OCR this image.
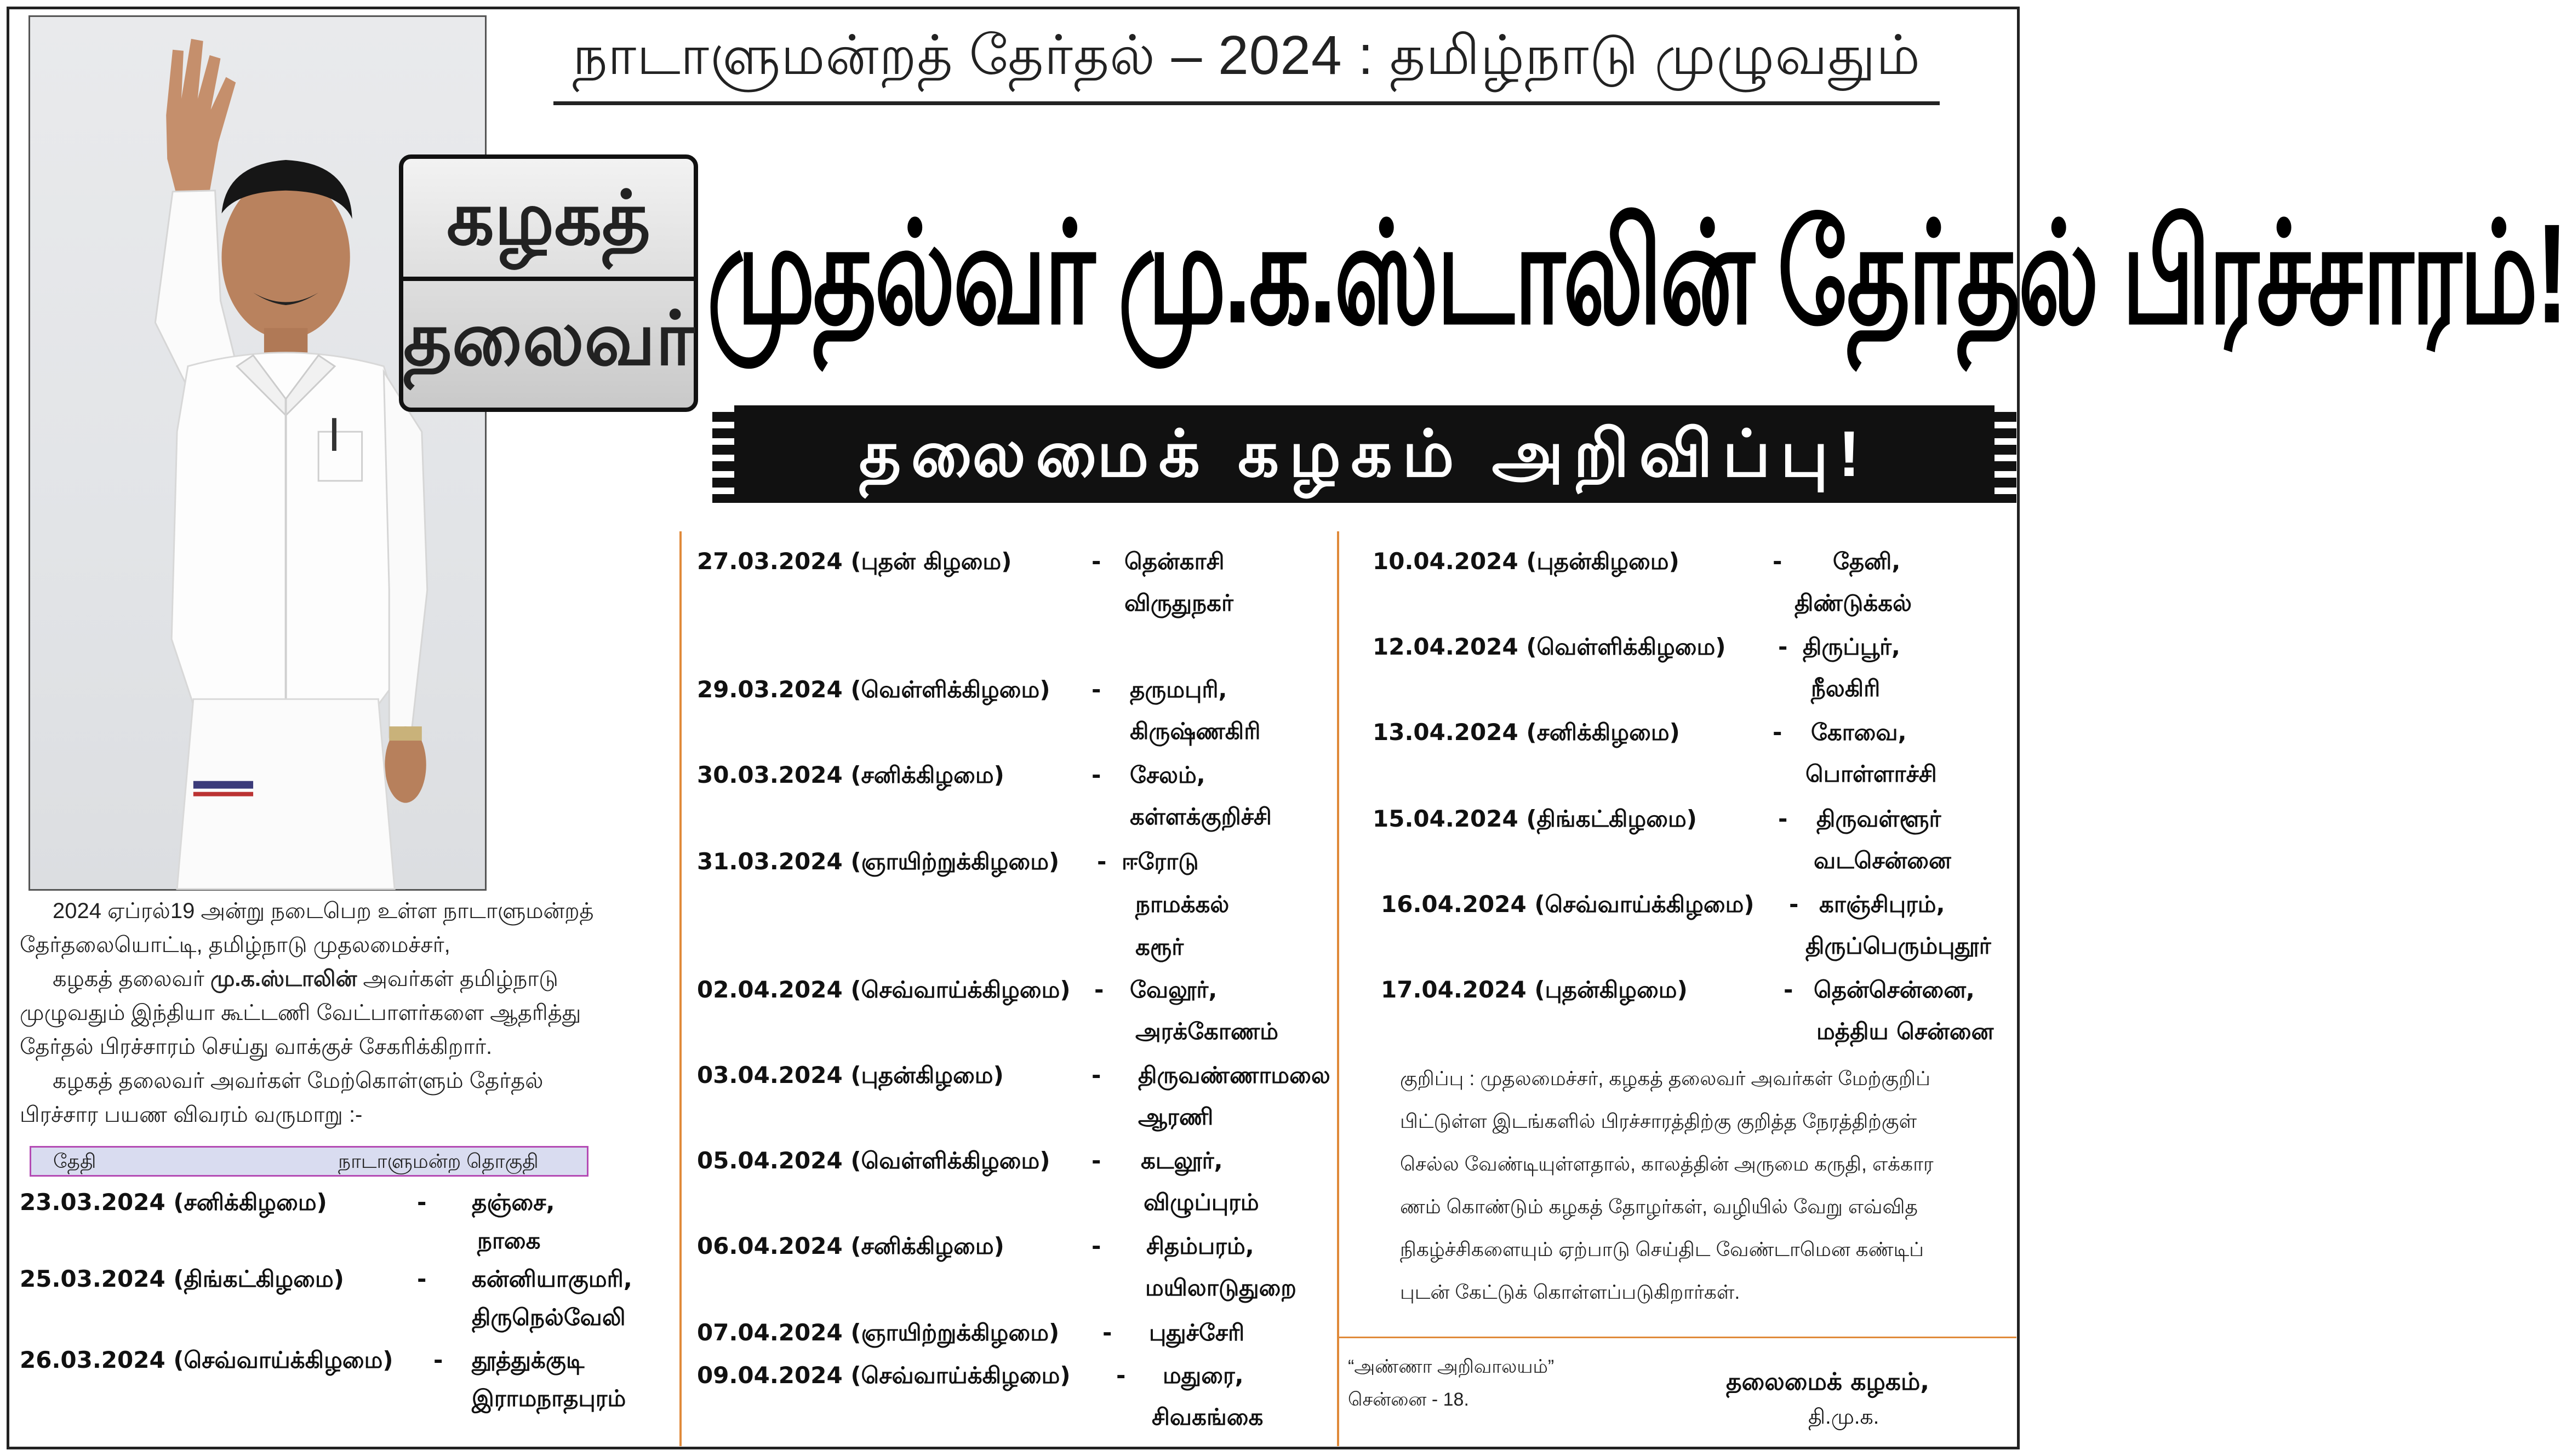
நாடாளுமன்றத் தேர்தல் – 2024 : தமிழ்நாடு முழுவதும்
கழகத்
தலைவர் முதல்வர் மு.க.ஸ்டாலின் தேர்தல் பிரச்சாரம்!
தலைமைக் கழகம் அறிவிப்பு!

2024 ஏப்ரல்19 அன்று நடைபெற உள்ள நாடாளுமன்றத்

தேர்தலையொட்டி, தமிழ்நாடு முதலமைச்சர்,

கழகத் தலைவர் மு.க.ஸ்டாலின் அவர்கள் தமிழ்நாடு

முழுவதும் இந்தியா கூட்டணி வேட்பாளர்களை ஆதரித்து

தேர்தல் பிரச்சாரம் செய்து வாக்குச் சேகரிக்கிறார்.

கழகத் தலைவர் அவர்கள் மேற்கொள்ளும் தேர்தல்

பிரச்சார பயண விவரம் வருமாறு :-

தேதி	நாடாளுமன்ற தொகுதி
23.03.2024 (சனிக்கிழமை)	- தஞ்சை,
நாகை
25.03.2024 (திங்கட்கிழமை)	- கன்னியாகுமரி,
திருநெல்வேலி
26.03.2024 (செவ்வாய்க்கிழமை) - தூத்துக்குடி
இராமநாதபுரம்
27.03.2024 (புதன் கிழமை)	- தென்காசி
விருதுநகர்
29.03.2024 (வெள்ளிக்கிழமை) - தருமபுரி,
கிருஷ்ணகிரி
30.03.2024 (சனிக்கிழமை)	- சேலம்,
கள்ளக்குறிச்சி
31.03.2024 (ஞாயிற்றுக்கிழமை) - ஈரோடு
நாமக்கல்
கரூர்
02.04.2024 (செவ்வாய்க்கிழமை) - வேலூர்,
அரக்கோணம்
03.04.2024 (புதன்கிழமை)	- திருவண்ணாமலை
ஆரணி
05.04.2024 (வெள்ளிக்கிழமை) - கடலூர்,
விழுப்புரம்
06.04.2024 (சனிக்கிழமை)	- சிதம்பரம்,
மயிலாடுதுறை
07.04.2024 (ஞாயிற்றுக்கிழமை) - புதுச்சேரி
09.04.2024 (செவ்வாய்க்கிழமை) - மதுரை,
சிவகங்கை
10.04.2024 (புதன்கிழமை)	- தேனி,
திண்டுக்கல்
12.04.2024 (வெள்ளிக்கிழமை) - திருப்பூர்,
நீலகிரி
13.04.2024 (சனிக்கிழமை)	- கோவை,
பொள்ளாச்சி
15.04.2024 (திங்கட்கிழமை)	- திருவள்ளூர்
வடசென்னை
16.04.2024 (செவ்வாய்க்கிழமை) - காஞ்சிபுரம்,
திருப்பெரும்புதூர்
17.04.2024 (புதன்கிழமை)	- தென்சென்னை,
மத்திய சென்னை

குறிப்பு : முதலமைச்சர், கழகத் தலைவர் அவர்கள் மேற்குறிப்

பிட்டுள்ள இடங்களில் பிரச்சாரத்திற்கு குறித்த நேரத்திற்குள்

செல்ல வேண்டியுள்ளதால், காலத்தின் அருமை கருதி, எக்கார

ணம் கொண்டும் கழகத் தோழர்கள், வழியில் வேறு எவ்வித

நிகழ்ச்சிகளையும் ஏற்பாடு செய்திட வேண்டாமென கண்டிப்

புடன் கேட்டுக் கொள்ளப்படுகிறார்கள்.

“அண்ணா அறிவாலயம்”
சென்னை - 18.
தலைமைக் கழகம்,
தி.மு.க.
